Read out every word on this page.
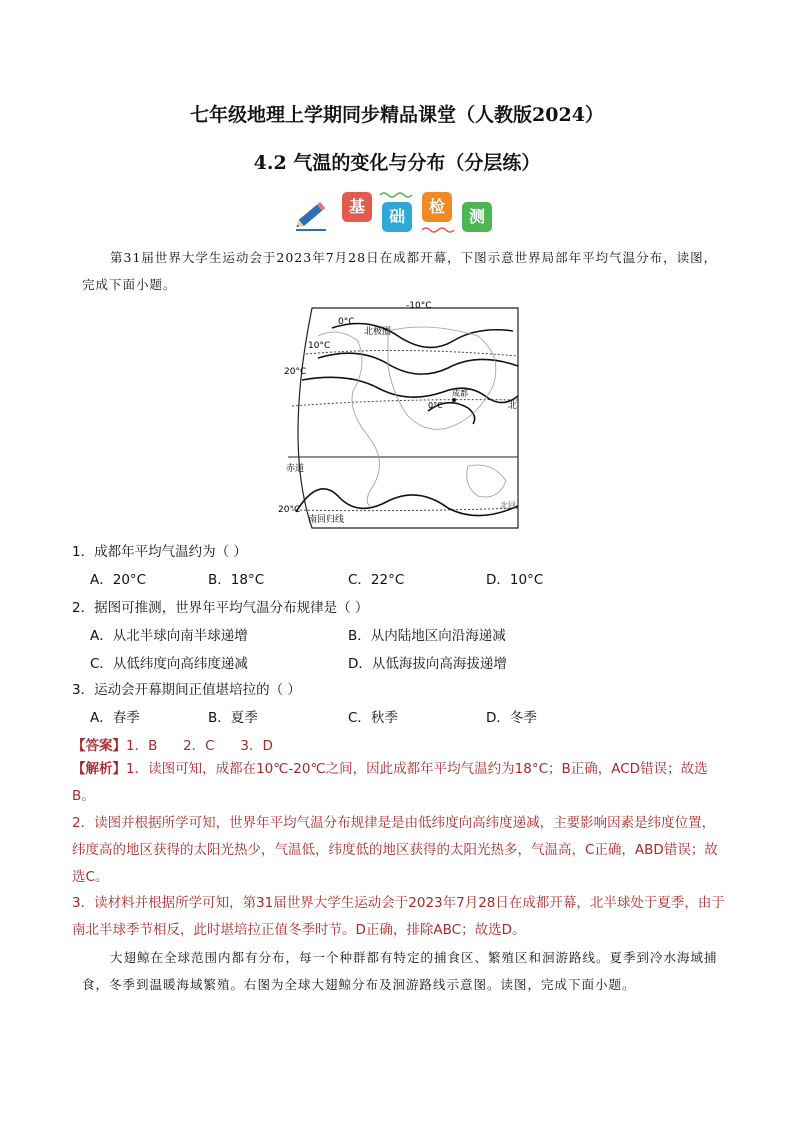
七年级地理上学期同步精品课堂（人教版2024）
4.2 气温的变化与分布（分层练）
基
础
检
测
第31届世界大学生运动会于2023年7月28日在成都开幕，下图示意世界局部年平均气温分布，读图，完成下面小题。
-10°C
0°C
北极圈
10°C
20°C
0°C
成都
北
赤道
20°C
南回归线
北回
1．成都年平均气温约为（ ）
A．20°C	B．18°C	C．22°C	D．10°C
2．据图可推测，世界年平均气温分布规律是（ ）
A．从北半球向南半球递增	B．从内陆地区向沿海递减
C．从低纬度向高纬度递减	D．从低海拔向高海拔递增
3．运动会开幕期间正值堪培拉的（ ）
A．春季	B．夏季	C．秋季	D．冬季
【答案】1．B      2．C      3．D
【解析】1．读图可知，成都在10℃-20℃之间，因此成都年平均气温约为18°C；B正确，ACD错误；故选B。
2．读图并根据所学可知，世界年平均气温分布规律是是由低纬度向高纬度递减，主要影响因素是纬度位置，纬度高的地区获得的太阳光热少，气温低，纬度低的地区获得的太阳光热多，气温高，C正确，ABD错误；故选C。
3．读材料并根据所学可知，第31届世界大学生运动会于2023年7月28日在成都开幕，北半球处于夏季，由于南北半球季节相反，此时堪培拉正值冬季时节。D正确，排除ABC；故选D。
大翅鲸在全球范围内都有分布，每一个种群都有特定的捕食区、繁殖区和洄游路线。夏季到冷水海域捕食，冬季到温暖海域繁殖。右图为全球大翅鲸分布及洄游路线示意图。读图，完成下面小题。
